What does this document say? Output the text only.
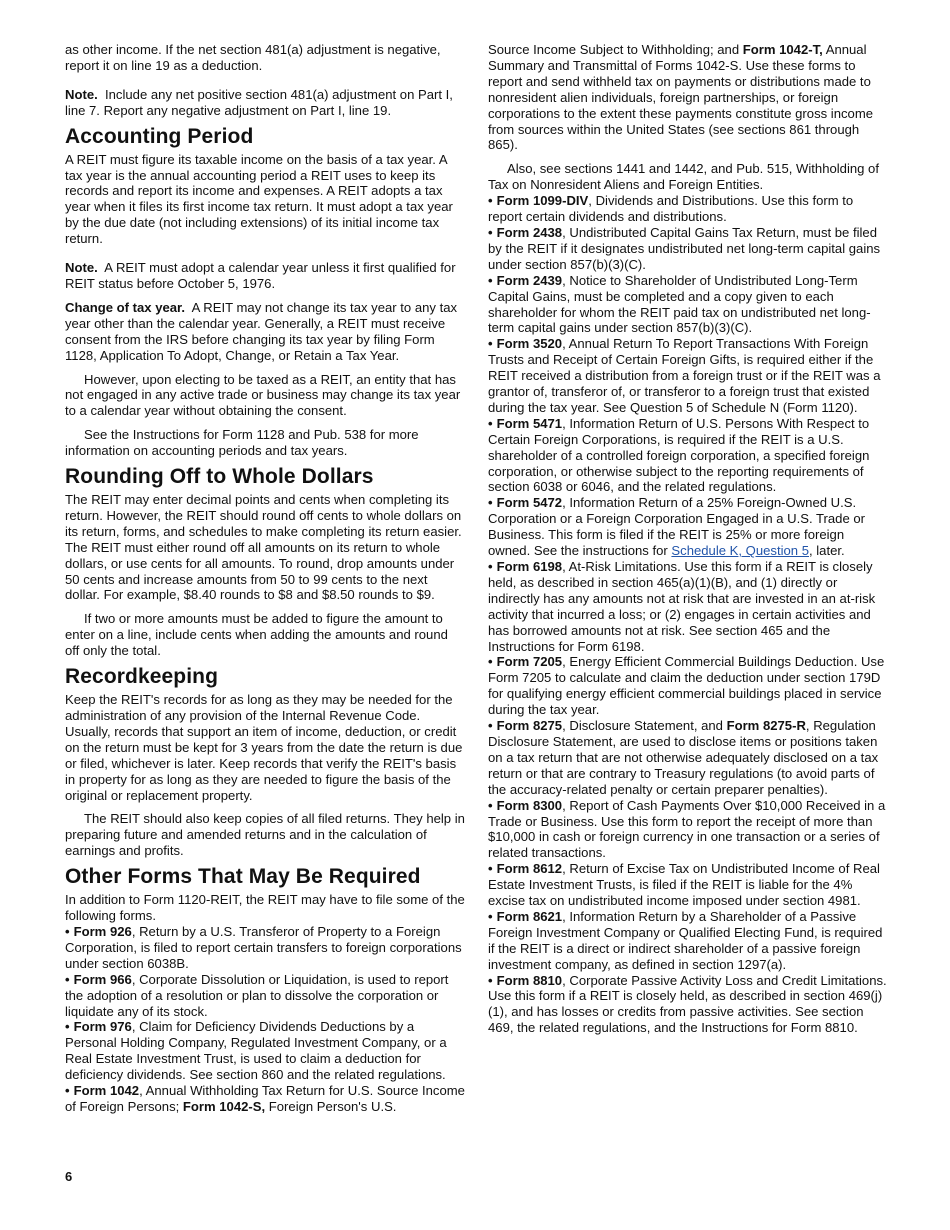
as other income. If the net section 481(a) adjustment is negative, report it on line 19 as a deduction.

Note. Include any net positive section 481(a) adjustment on Part I, line 7. Report any negative adjustment on Part I, line 19.

Accounting Period

A REIT must figure its taxable income on the basis of a tax year. A tax year is the annual accounting period a REIT uses to keep its records and report its income and expenses. A REIT adopts a tax year when it files its first income tax return. It must adopt a tax year by the due date (not including extensions) of its initial income tax return.

Note. A REIT must adopt a calendar year unless it first qualified for REIT status before October 5, 1976.

Change of tax year. A REIT may not change its tax year to any tax year other than the calendar year. Generally, a REIT must receive consent from the IRS before changing its tax year by filing Form 1128, Application To Adopt, Change, or Retain a Tax Year.

However, upon electing to be taxed as a REIT, an entity that has not engaged in any active trade or business may change its tax year to a calendar year without obtaining the consent.

See the Instructions for Form 1128 and Pub. 538 for more information on accounting periods and tax years.

Rounding Off to Whole Dollars

The REIT may enter decimal points and cents when completing its return. However, the REIT should round off cents to whole dollars on its return, forms, and schedules to make completing its return easier. The REIT must either round off all amounts on its return to whole dollars, or use cents for all amounts. To round, drop amounts under 50 cents and increase amounts from 50 to 99 cents to the next dollar. For example, $8.40 rounds to $8 and $8.50 rounds to $9.

If two or more amounts must be added to figure the amount to enter on a line, include cents when adding the amounts and round off only the total.

Recordkeeping

Keep the REIT's records for as long as they may be needed for the administration of any provision of the Internal Revenue Code. Usually, records that support an item of income, deduction, or credit on the return must be kept for 3 years from the date the return is due or filed, whichever is later. Keep records that verify the REIT's basis in property for as long as they are needed to figure the basis of the original or replacement property.

The REIT should also keep copies of all filed returns. They help in preparing future and amended returns and in the calculation of earnings and profits.

Other Forms That May Be Required

In addition to Form 1120-REIT, the REIT may have to file some of the following forms.

• Form 926, Return by a U.S. Transferor of Property to a Foreign Corporation, is filed to report certain transfers to foreign corporations under section 6038B.

• Form 966, Corporate Dissolution or Liquidation, is used to report the adoption of a resolution or plan to dissolve the corporation or liquidate any of its stock.

• Form 976, Claim for Deficiency Dividends Deductions by a Personal Holding Company, Regulated Investment Company, or a Real Estate Investment Trust, is used to claim a deduction for deficiency dividends. See section 860 and the related regulations.

• Form 1042, Annual Withholding Tax Return for U.S. Source Income of Foreign Persons; Form 1042-S, Foreign Person's U.S.

Source Income Subject to Withholding; and Form 1042-T, Annual Summary and Transmittal of Forms 1042-S. Use these forms to report and send withheld tax on payments or distributions made to nonresident alien individuals, foreign partnerships, or foreign corporations to the extent these payments constitute gross income from sources within the United States (see sections 861 through 865).

Also, see sections 1441 and 1442, and Pub. 515, Withholding of Tax on Nonresident Aliens and Foreign Entities.

• Form 1099-DIV, Dividends and Distributions. Use this form to report certain dividends and distributions.

• Form 2438, Undistributed Capital Gains Tax Return, must be filed by the REIT if it designates undistributed net long-term capital gains under section 857(b)(3)(C).

• Form 2439, Notice to Shareholder of Undistributed Long-Term Capital Gains, must be completed and a copy given to each shareholder for whom the REIT paid tax on undistributed net long-term capital gains under section 857(b)(3)(C).

• Form 3520, Annual Return To Report Transactions With Foreign Trusts and Receipt of Certain Foreign Gifts, is required either if the REIT received a distribution from a foreign trust or if the REIT was a grantor of, transferor of, or transferor to a foreign trust that existed during the tax year. See Question 5 of Schedule N (Form 1120).

• Form 5471, Information Return of U.S. Persons With Respect to Certain Foreign Corporations, is required if the REIT is a U.S. shareholder of a controlled foreign corporation, a specified foreign corporation, or otherwise subject to the reporting requirements of section 6038 or 6046, and the related regulations.

• Form 5472, Information Return of a 25% Foreign-Owned U.S. Corporation or a Foreign Corporation Engaged in a U.S. Trade or Business. This form is filed if the REIT is 25% or more foreign owned. See the instructions for Schedule K, Question 5, later.

• Form 6198, At-Risk Limitations. Use this form if a REIT is closely held, as described in section 465(a)(1)(B), and (1) directly or indirectly has any amounts not at risk that are invested in an at-risk activity that incurred a loss; or (2) engages in certain activities and has borrowed amounts not at risk. See section 465 and the Instructions for Form 6198.

• Form 7205, Energy Efficient Commercial Buildings Deduction. Use Form 7205 to calculate and claim the deduction under section 179D for qualifying energy efficient commercial buildings placed in service during the tax year.

• Form 8275, Disclosure Statement, and Form 8275-R, Regulation Disclosure Statement, are used to disclose items or positions taken on a tax return that are not otherwise adequately disclosed on a tax return or that are contrary to Treasury regulations (to avoid parts of the accuracy-related penalty or certain preparer penalties).

• Form 8300, Report of Cash Payments Over $10,000 Received in a Trade or Business. Use this form to report the receipt of more than $10,000 in cash or foreign currency in one transaction or a series of related transactions.

• Form 8612, Return of Excise Tax on Undistributed Income of Real Estate Investment Trusts, is filed if the REIT is liable for the 4% excise tax on undistributed income imposed under section 4981.

• Form 8621, Information Return by a Shareholder of a Passive Foreign Investment Company or Qualified Electing Fund, is required if the REIT is a direct or indirect shareholder of a passive foreign investment company, as defined in section 1297(a).

• Form 8810, Corporate Passive Activity Loss and Credit Limitations. Use this form if a REIT is closely held, as described in section 469(j)(1), and has losses or credits from passive activities. See section 469, the related regulations, and the Instructions for Form 8810.

6
